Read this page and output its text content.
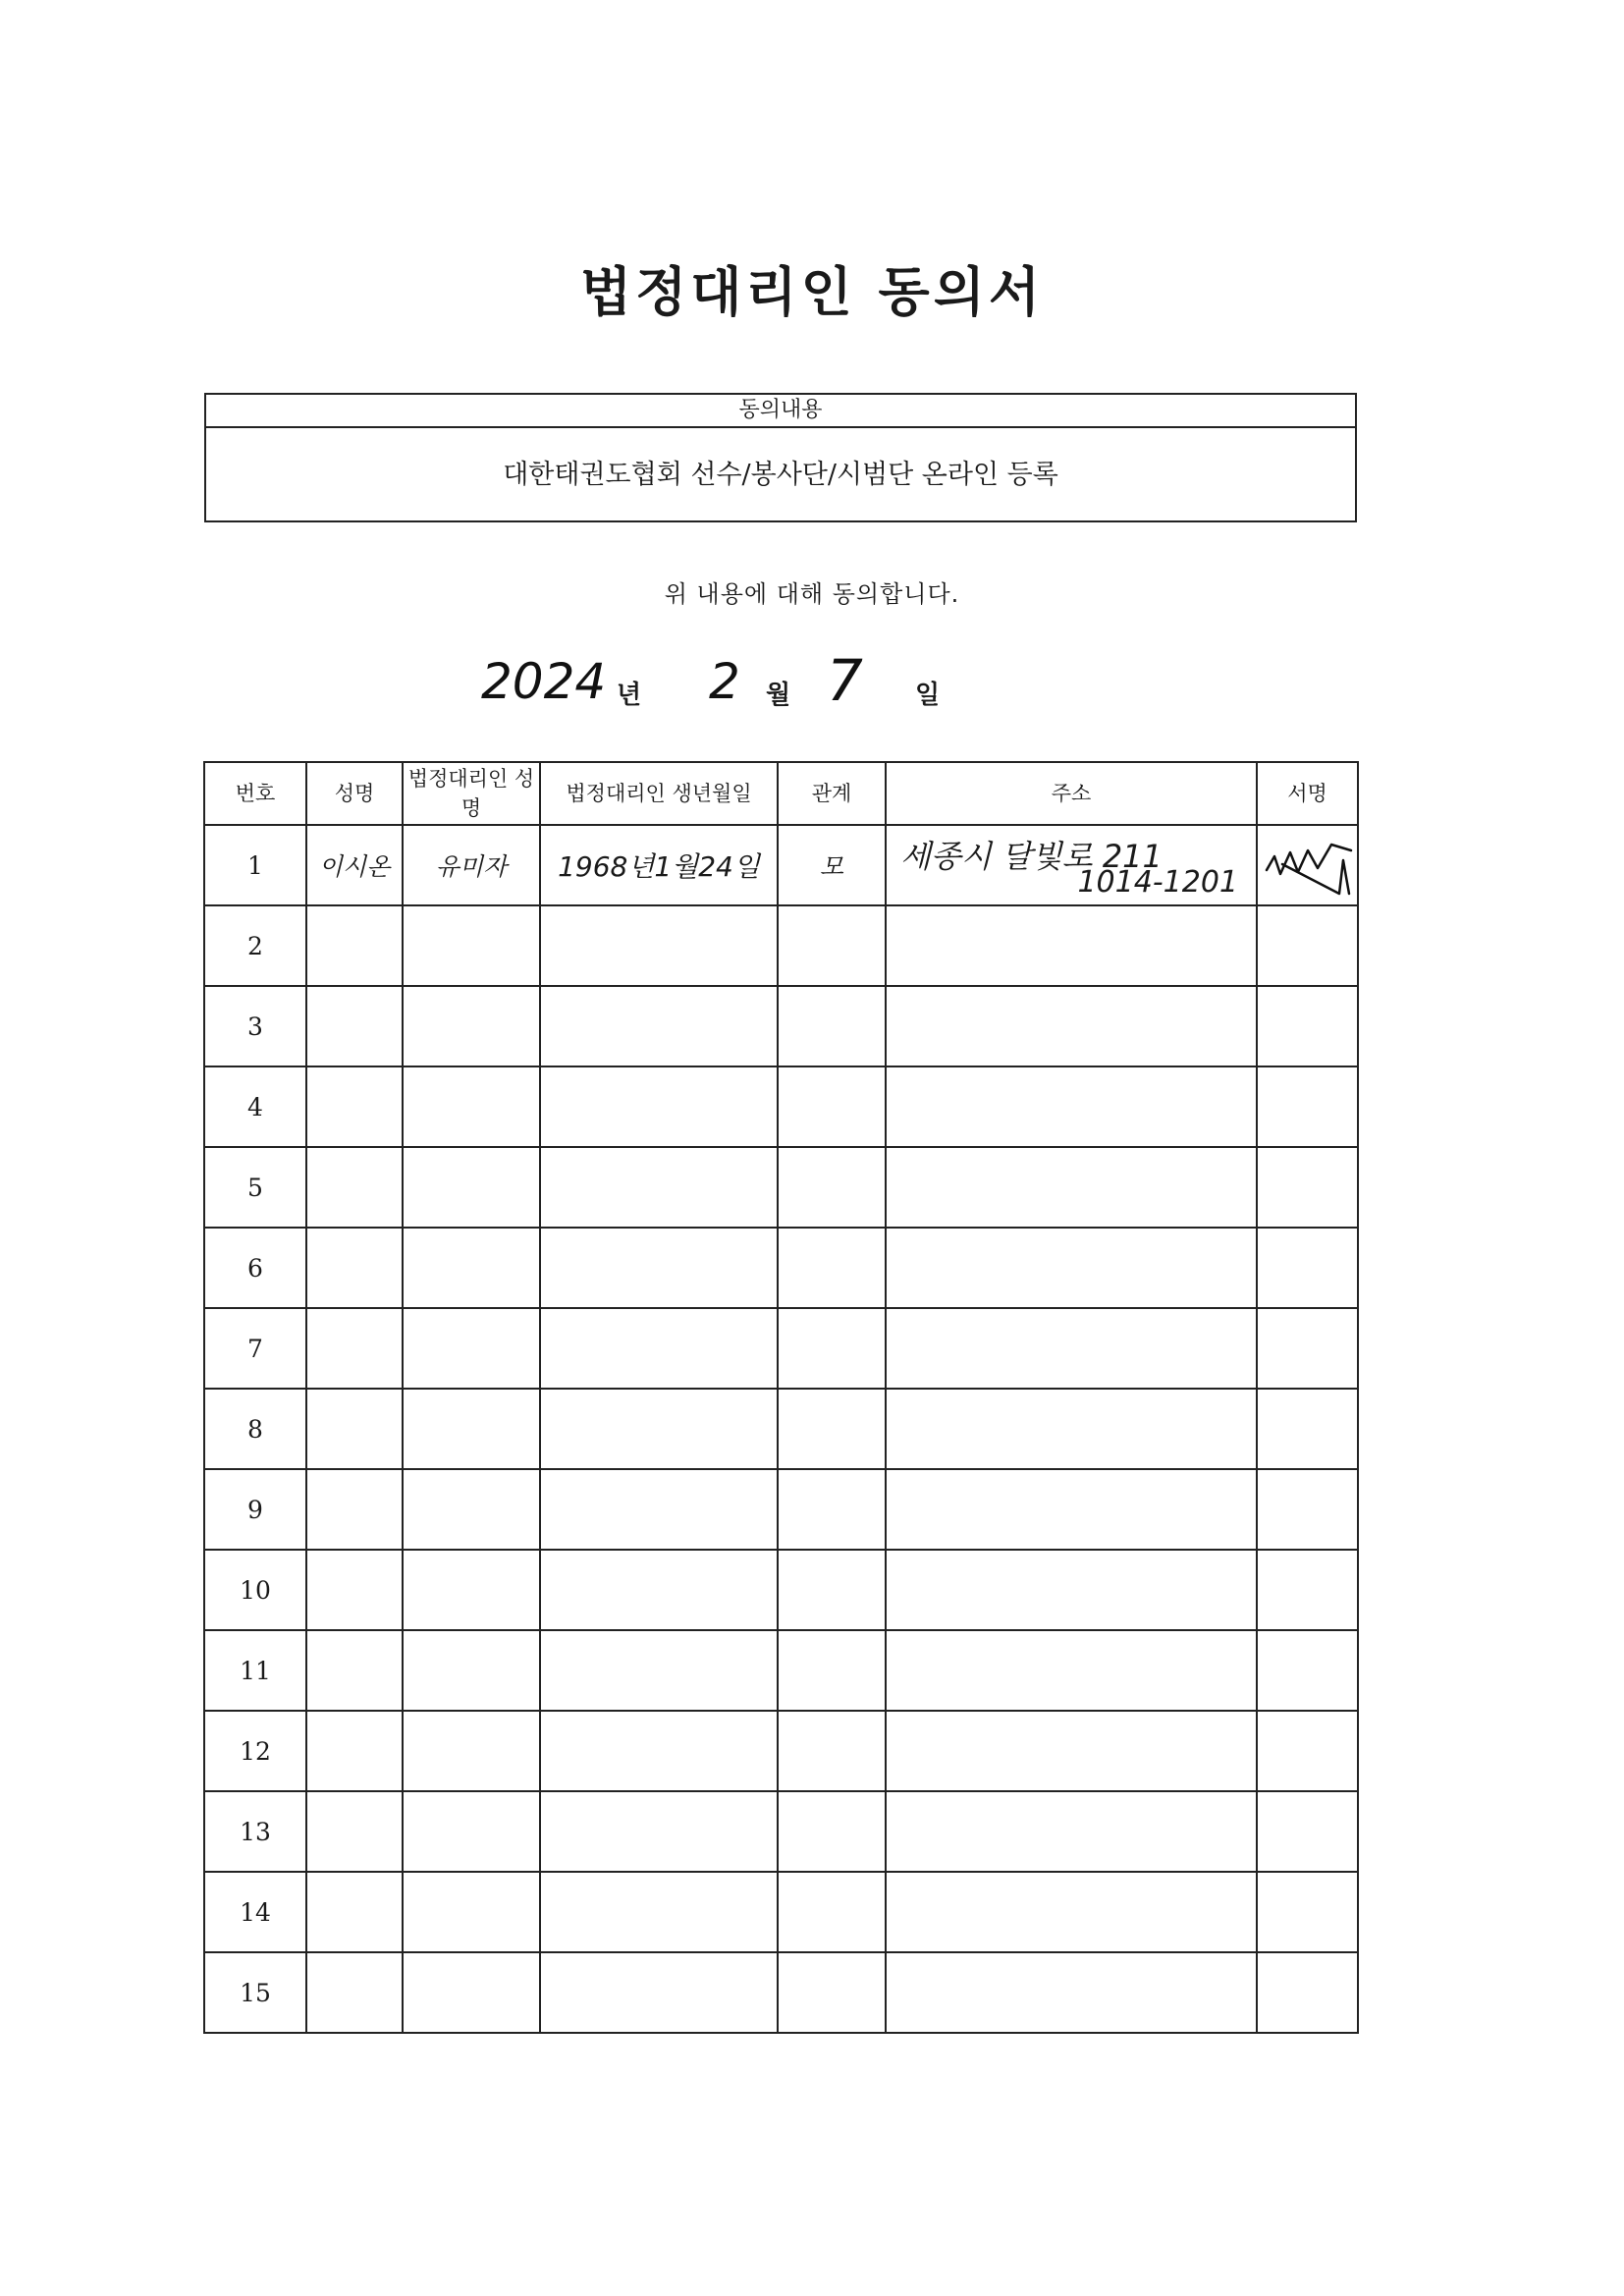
법정대리인 동의서
동의내용
대한태권도협회 선수/봉사단/시범단 온라인 등록
위 내용에 대해 동의합니다.
2024 년 2 월 7 일
번호	성명	법정대리인 성명	법정대리인 생년월일	관계	주소	서명
1	이시온	유미자	1968년1월24일	모	세종시 달빛로 211
1014-1201

2						
3						
4						
5						
6						
7						
8						
9						
10						
11						
12						
13						
14						
15						
